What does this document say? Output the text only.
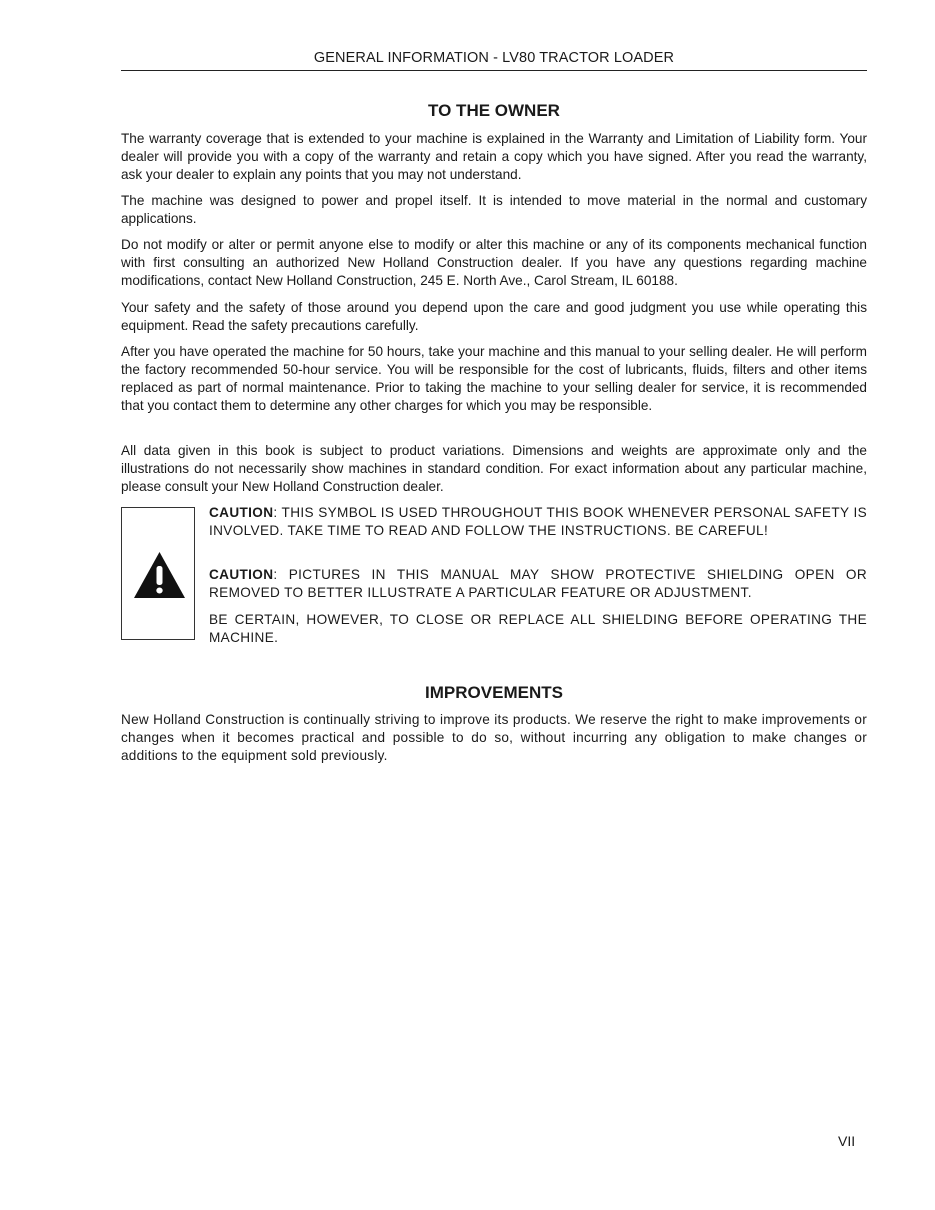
GENERAL INFORMATION - LV80 TRACTOR LOADER
TO THE OWNER
The warranty coverage that is extended to your machine is explained in the Warranty and Limitation of Liability form. Your dealer will provide you with a copy of the warranty and retain a copy which you have signed. After you read the warranty, ask your dealer to explain any points that you may not understand.
The machine was designed to power and propel itself. It is intended to move material in the normal and customary applications.
Do not modify or alter or permit anyone else to modify or alter this machine or any of its components mechanical function with first consulting an authorized New Holland Construction dealer. If you have any questions regarding machine modifications, contact New Holland Construction, 245 E. North Ave., Carol Stream, IL 60188.
Your safety and the safety of those around you depend upon the care and good judgment you use while operating this equipment. Read the safety precautions carefully.
After you have operated the machine for 50 hours, take your machine and this manual to your selling dealer. He will perform the factory recommended 50-hour service. You will be responsible for the cost of lubricants, fluids, filters and other items replaced as part of normal maintenance. Prior to taking the machine to your selling dealer for service, it is recommended that you contact them to determine any other charges for which you may be responsible.
All data given in this book is subject to product variations. Dimensions and weights are approximate only and the illustrations do not necessarily show machines in standard condition. For exact information about any particular machine, please consult your New Holland Construction dealer.
CAUTION: THIS SYMBOL IS USED THROUGHOUT THIS BOOK WHENEVER PERSONAL SAFETY IS INVOLVED. TAKE TIME TO READ AND FOLLOW THE INSTRUCTIONS. BE CAREFUL!
CAUTION: PICTURES IN THIS MANUAL MAY SHOW PROTECTIVE SHIELDING OPEN OR REMOVED TO BETTER ILLUSTRATE A PARTICULAR FEATURE OR ADJUSTMENT.
BE CERTAIN, HOWEVER, TO CLOSE OR REPLACE ALL SHIELDING BEFORE OPERATING THE MACHINE.
IMPROVEMENTS
New Holland Construction is continually striving to improve its products. We reserve the right to make improvements or changes when it becomes practical and possible to do so, without incurring any obligation to make changes or additions to the equipment sold previously.
VII
